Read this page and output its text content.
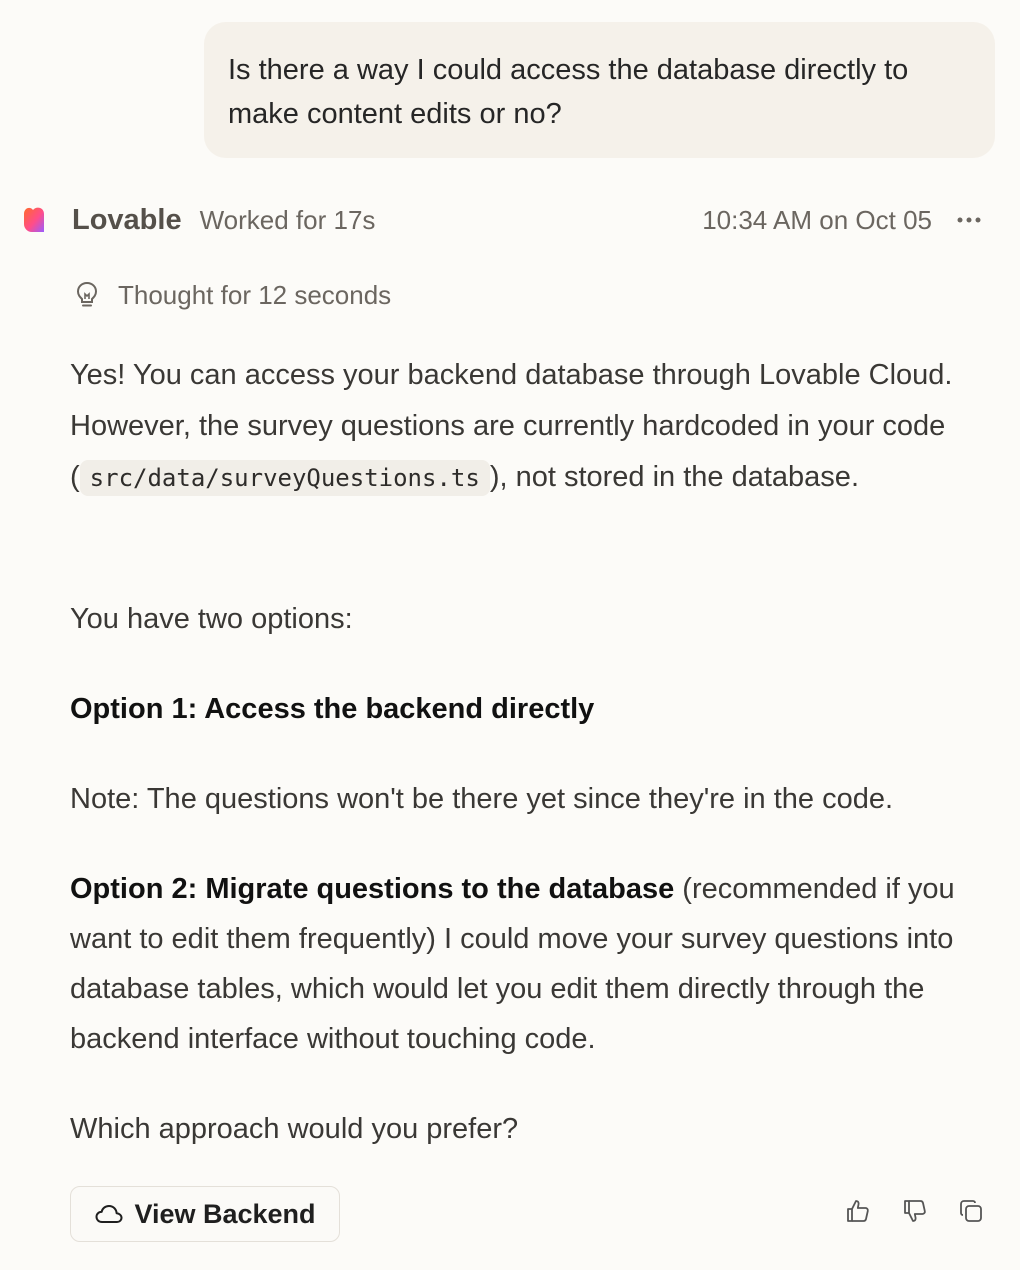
Is there a way I could access the database directly to make content edits or no?
Lovable Worked for 17s	10:34 AM on Oct 05
Thought for 12 seconds
Yes! You can access your backend database through Lovable Cloud. However, the survey questions are currently hardcoded in your code ( src/data/surveyQuestions.ts ), not stored in the database.
You have two options:
Option 1: Access the backend directly
Note: The questions won't be there yet since they're in the code.
Option 2: Migrate questions to the database (recommended if you want to edit them frequently) I could move your survey questions into database tables, which would let you edit them directly through the backend interface without touching code.
Which approach would you prefer?
View Backend
